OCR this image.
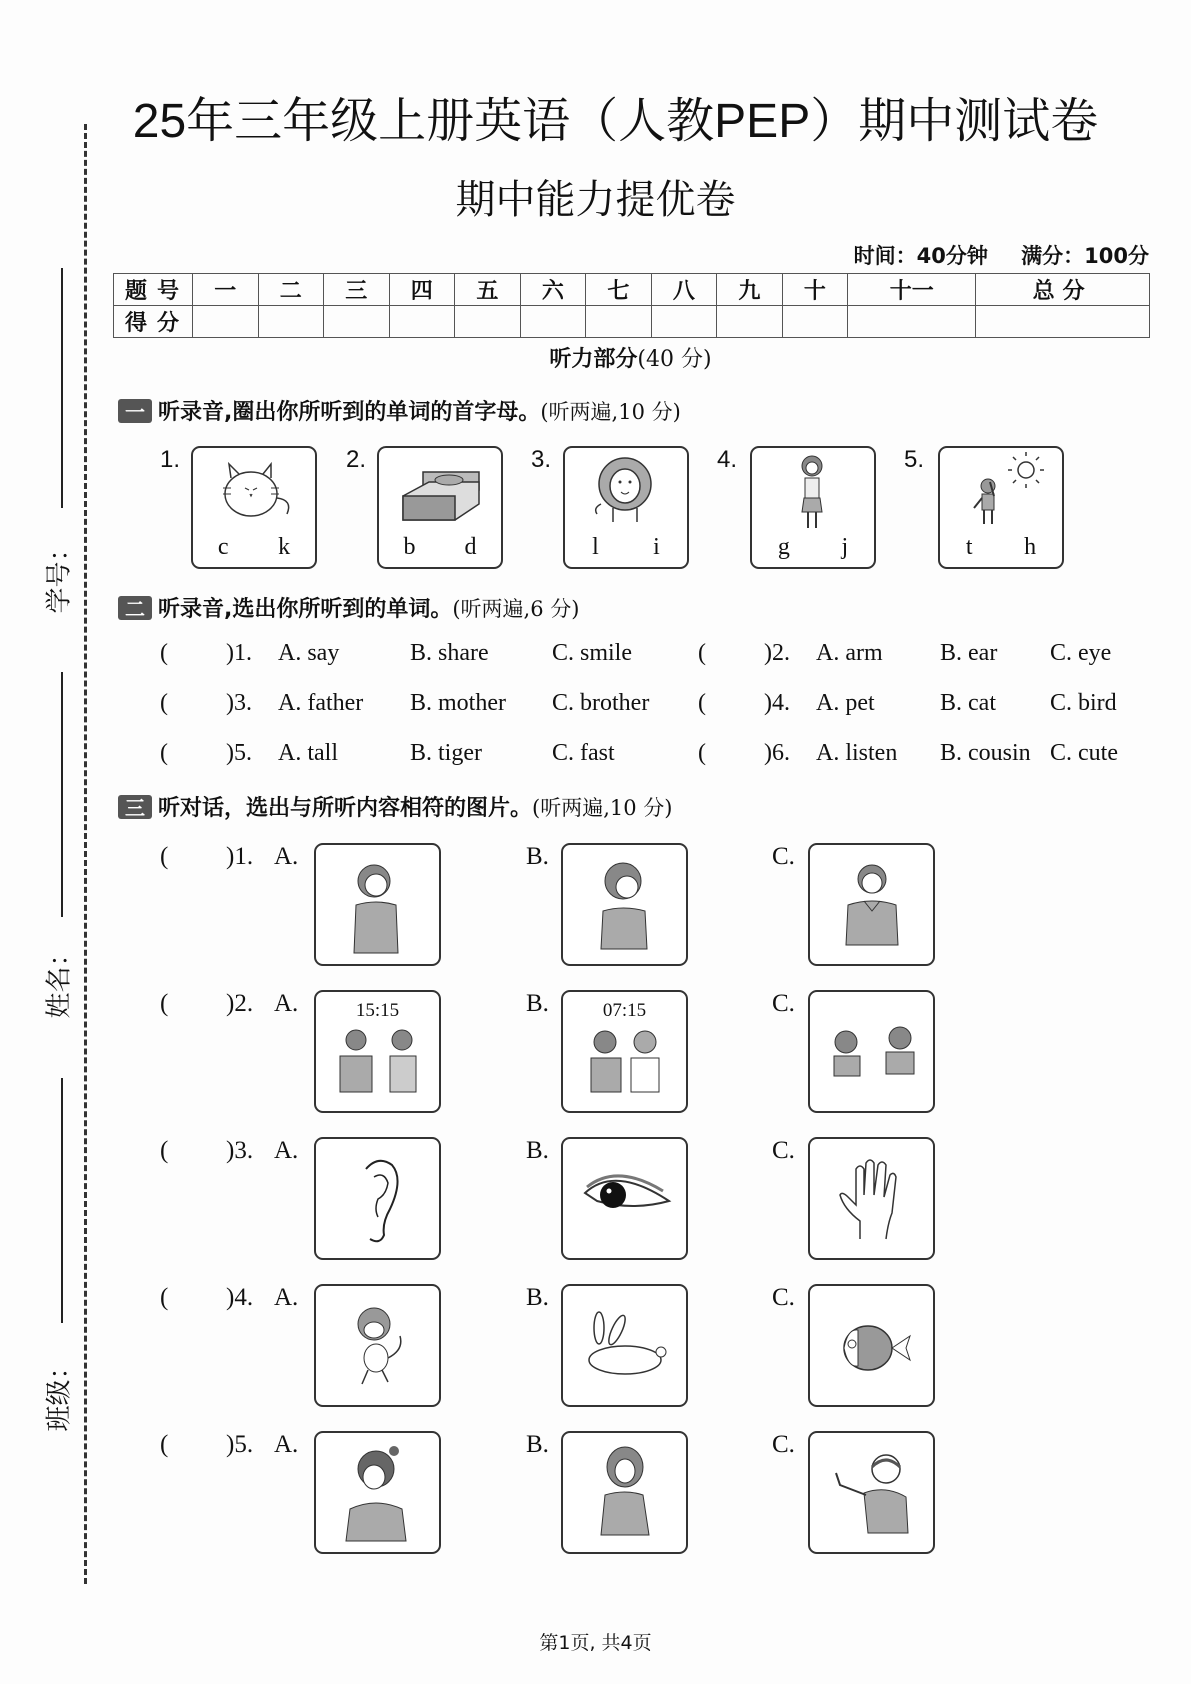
学号：
姓名：
班级：
25年三年级上册英语（人教PEP）期中测试卷
期中能力提优卷
时间：40分钟 满分：100分
题号	一	二	三	四	五	六	七	八	九	十	十一	总分
得分												
听力部分(40 分)
一 听录音,圈出你所听到的单词的首字母。 (听两遍,10 分)
1.
c k
2.
b d
3.
l i
4.
g j
5.
t h
二 听录音,选出你所听到的单词。 (听两遍,6 分)
( )1. A. say	B. share	C. smile	( )2. A. arm B. ear C. eye
( )3. A. father B. mother C. brother ( )4. A. pet	B. cat C. bird
( )5. A. tall	B. tiger	C. fast	( )6. A. listen B. cousin C. cute
三 听对话，选出与所听内容相符的图片。 (听两遍,10 分)
( )1. A.	B.	C.
( )2. A.	15:15	B.	07:15	C.
( )3. A.	B.	C.
( )4. A.	B.	C.
( )5. A.	B.	C.
第1页, 共4页
